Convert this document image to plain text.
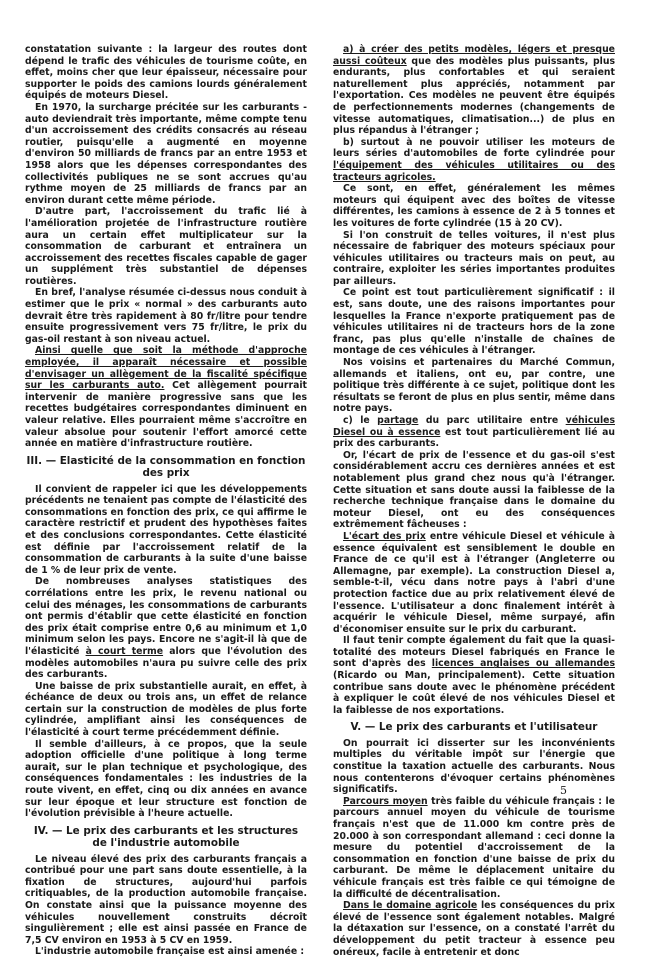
constatation suivante : la largeur des routes dont dépend le trafic des véhicules de tourisme coûte, en effet, moins cher que leur épaisseur, nécessaire pour supporter le poids des camions lourds généralement équipés de moteurs Diesel.

En 1970, la surcharge précitée sur les carburants - auto deviendrait très importante, même compte tenu d'un accroissement des crédits consacrés au réseau routier, puisqu'elle a augmenté en moyenne d'environ 50 milliards de francs par an entre 1953 et 1958 alors que les dépenses correspondantes des collectivités publiques ne se sont accrues qu'au rythme moyen de 25 milliards de francs par an environ durant cette même période.

D'autre part, l'accroissement du trafic lié à l'amélioration projetée de l'infrastructure routière aura un certain effet multiplicateur sur la consommation de carburant et entraînera un accroissement des recettes fiscales capable de gager un supplément très substantiel de dépenses routières.

En bref, l'analyse résumée ci-dessus nous conduit à estimer que le prix « normal » des carburants auto devrait être très rapidement à 80 fr/litre pour tendre ensuite progressivement vers 75 fr/litre, le prix du gas-oil restant à son niveau actuel.

Ainsi quelle que soit la méthode d'approche employée, il apparaît nécessaire et possible d'envisager un allègement de la fiscalité spécifique sur les carburants auto. Cet allègement pourrait intervenir de manière progressive sans que les recettes budgétaires correspondantes diminuent en valeur relative. Elles pourraient même s'accroître en valeur absolue pour soutenir l'effort amorcé cette année en matière d'infrastructure routière.

III. — Elasticité de la consommation en fonction des prix

Il convient de rappeler ici que les développements précédents ne tenaient pas compte de l'élasticité des consommations en fonction des prix, ce qui affirme le caractère restrictif et prudent des hypothèses faites et des conclusions correspondantes. Cette élasticité est définie par l'accroissement relatif de la consommation de carburants à la suite d'une baisse de 1 % de leur prix de vente.

De nombreuses analyses statistiques des corrélations entre les prix, le revenu national ou celui des ménages, les consommations de carburants ont permis d'établir que cette élasticité en fonction des prix était comprise entre 0,6 au minimum et 1,0 minimum selon les pays. Encore ne s'agit-il là que de l'élasticité à court terme alors que l'évolution des modèles automobiles n'aura pu suivre celle des prix des carburants.

Une baisse de prix substantielle aurait, en effet, à échéance de deux ou trois ans, un effet de relance certain sur la construction de modèles de plus forte cylindrée, amplifiant ainsi les conséquences de l'élasticité à court terme précédemment définie.

Il semble d'ailleurs, à ce propos, que la seule adoption officielle d'une politique à long terme aurait, sur le plan technique et psychologique, des conséquences fondamentales : les industries de la route vivent, en effet, cinq ou dix années en avance sur leur époque et leur structure est fonction de l'évolution prévisible à l'heure actuelle.

IV. — Le prix des carburants et les structures de l'industrie automobile

Le niveau élevé des prix des carburants français a contribué pour une part sans doute essentielle, à la fixation de structures, aujourd'hui parfois critiquables, de la production automobile française. On constate ainsi que la puissance moyenne des véhicules nouvellement construits décroît singulièrement ; elle est ainsi passée en France de 7,5 CV environ en 1953 à 5 CV en 1959.

L'industrie automobile française est ainsi amenée :

a) à créer des petits modèles, légers et presque aussi coûteux que des modèles plus puissants, plus endurants, plus confortables et qui seraient naturellement plus appréciés, notamment par l'exportation. Ces modèles ne peuvent être équipés de perfectionnements modernes (changements de vitesse automatiques, climatisation...) de plus en plus répandus à l'étranger ;

b) surtout à ne pouvoir utiliser les moteurs de leurs séries d'automobiles de forte cylindrée pour l'équipement des véhicules utilitaires ou des tracteurs agricoles.

Ce sont, en effet, généralement les mêmes moteurs qui équipent avec des boîtes de vitesse différentes, les camions à essence de 2 à 5 tonnes et les voitures de forte cylindrée (15 à 20 CV).

Si l'on construit de telles voitures, il n'est plus nécessaire de fabriquer des moteurs spéciaux pour véhicules utilitaires ou tracteurs mais on peut, au contraire, exploiter les séries importantes produites par ailleurs.

Ce point est tout particulièrement significatif : il est, sans doute, une des raisons importantes pour lesquelles la France n'exporte pratiquement pas de véhicules utilitaires ni de tracteurs hors de la zone franc, pas plus qu'elle n'installe de chaînes de montage de ces véhicules à l'étranger.

Nos voisins et partenaires du Marché Commun, allemands et italiens, ont eu, par contre, une politique très différente à ce sujet, politique dont les résultats se feront de plus en plus sentir, même dans notre pays.

c) le partage du parc utilitaire entre véhicules Diesel ou à essence est tout particulièrement lié au prix des carburants.

Or, l'écart de prix de l'essence et du gas-oil s'est considérablement accru ces dernières années et est notablement plus grand chez nous qu'à l'étranger. Cette situation et sans doute aussi la faiblesse de la recherche technique française dans le domaine du moteur Diesel, ont eu des conséquences extrêmement fâcheuses :

L'écart des prix entre véhicule Diesel et véhicule à essence équivalent est sensiblement le double en France de ce qu'il est à l'étranger (Angleterre ou Allemagne, par exemple). La construction Diesel a, semble-t-il, vécu dans notre pays à l'abri d'une protection factice due au prix relativement élevé de l'essence. L'utilisateur a donc finalement intérêt à acquérir le véhicule Diesel, même surpayé, afin d'économiser ensuite sur le prix du carburant.

Il faut tenir compte également du fait que la quasi-totalité des moteurs Diesel fabriqués en France le sont d'après des licences anglaises ou allemandes (Ricardo ou Man, principalement). Cette situation contribue sans doute avec le phénomène précédent à expliquer le coût élevé de nos véhicules Diesel et la faiblesse de nos exportations.

V. — Le prix des carburants et l'utilisateur

On pourrait ici disserter sur les inconvénients multiples du véritable impôt sur l'énergie que constitue la taxation actuelle des carburants. Nous nous contenterons d'évoquer certains phénomènes significatifs.

Parcours moyen très faible du véhicule français : le parcours annuel moyen du véhicule de tourisme français n'est que de 11.000 km contre près de 20.000 à son correspondant allemand : ceci donne la mesure du potentiel d'accroissement de la consommation en fonction d'une baisse de prix du carburant. De même le déplacement unitaire du véhicule français est très faible ce qui témoigne de la difficulté de décentralisation.

Dans le domaine agricole les conséquences du prix élevé de l'essence sont également notables. Malgré la détaxation sur l'essence, on a constaté l'arrêt du développement du petit tracteur à essence peu onéreux, facile à entretenir et donc

5
